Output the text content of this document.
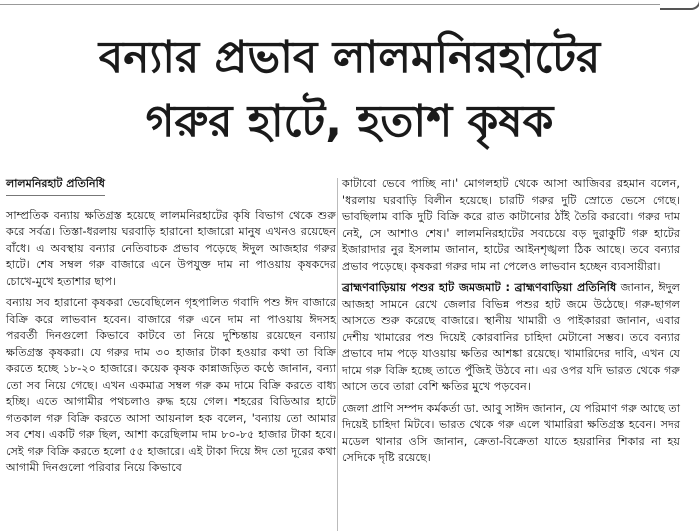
বন্যার প্রভাব লালমনিরহাটের
গরুর হাটে, হতাশ কৃষক
লালমনিরহাট প্রতিনিধি

সাম্প্রতিক বন্যায় ক্ষতিগ্রস্ত হয়েছে লালমনিরহাটের কৃষি বিভাগ থেকে শুরু করে সর্বত্র। তিস্তা-ধরলায় ঘরবাড়ি হারানো হাজারো মানুষ এখনও রয়েছেন বাঁধে। এ অবস্থায় বন্যার নেতিবাচক প্রভাব পড়েছে ঈদুল আজহার গরুর হাটে। শেষ সম্বল গরু বাজারে এনে উপযুক্ত দাম না পাওয়ায় কৃষকদের চোখে-মুখে হতাশার ছাপ।

বন্যায় সব হারানো কৃষকরা ভেবেছিলেন গৃহপালিত গবাদি পশু ঈদ বাজারে বিক্রি করে লাভবান হবেন। বাজারে গরু এনে দাম না পাওয়ায় ঈদসহ পরবর্তী দিনগুলো কিভাবে কাটবে তা নিয়ে দুশ্চিন্তায় রয়েছেন বন্যায় ক্ষতিগ্রস্ত কৃষকরা। যে গরুর দাম ৩০ হাজার টাকা হওয়ার কথা তা বিক্রি করতে হচ্ছে ১৮-২০ হাজারে। কয়েক কৃষক কান্নাজড়িত কণ্ঠে জানান, বন্যা তো সব নিয়ে গেছে। এখন একমাত্র সম্বল গরু কম দামে বিক্রি করতে বাধ্য হচ্ছি। এতে আগামীর পথচলাও রুদ্ধ হয়ে গেল। শহরের বিডিআর হাটে গতকাল গরু বিক্রি করতে আসা আয়নাল হক বলেন, 'বন্যায় তো আমার সব শেষ। একটি গরু ছিল, আশা করেছিলাম দাম ৮০-৮৫ হাজার টাকা হবে। সেই গরু বিক্রি করতে হলো ৫৫ হাজারে। এই টাকা দিয়ে ঈদ তো দূরের কথা আগামী দিনগুলো পরিবার নিয়ে কিভাবে

কাটাবো ভেবে পাচ্ছি না।' মোগলহাট থেকে আসা আজিবর রহমান বলেন, 'ধরলায় ঘরবাড়ি বিলীন হয়েছে। চারটি গরুর দুটি স্রোতে ভেসে গেছে। ভাবছিলাম বাকি দুটি বিক্রি করে রাত কাটানোর ঠাঁই তৈরি করবো। গরুর দাম নেই, সে আশাও শেষ।' লালমনিরহাটের সবচেয়ে বড় দুরাকুটি গরু হাটের ইজারাদার নুর ইসলাম জানান, হাটের আইনশৃঙ্খলা ঠিক আছে। তবে বন্যার প্রভাব পড়েছে। কৃষকরা গরুর দাম না পেলেও লাভবান হচ্ছেন ব্যবসায়ীরা।

ব্রাহ্মণবাড়িয়ায় পশুর হাট জমজমাট : ব্রাহ্মণবাড়িয়া প্রতিনিধি জানান, ঈদুল আজহা সামনে রেখে জেলার বিভিন্ন পশুর হাট জমে উঠেছে। গরু-ছাগল আসতে শুরু করেছে বাজারে। স্থানীয় খামারী ও পাইকাররা জানান, এবার দেশীয় খামারের পশু দিয়েই কোরবানির চাহিদা মেটানো সম্ভব। তবে বন্যার প্রভাবে দাম পড়ে যাওয়ায় ক্ষতির আশঙ্কা রয়েছে। খামারিদের দাবি, এখন যে দামে গরু বিক্রি হচ্ছে তাতে পুঁজিই উঠবে না। এর ওপর যদি ভারত থেকে গরু আসে তবে তারা বেশি ক্ষতির মুখে পড়বেন।

জেলা প্রাণি সম্পদ কর্মকর্তা ডা. আবু সাঈদ জানান, যে পরিমাণ গরু আছে তা দিয়েই চাহিদা মিটবে। ভারত থেকে গরু এলে খামারিরা ক্ষতিগ্রস্ত হবেন। সদর মডেল থানার ওসি জানান, ক্রেতা-বিক্রেতা যাতে হয়রানির শিকার না হয় সেদিকে দৃষ্টি রয়েছে।
